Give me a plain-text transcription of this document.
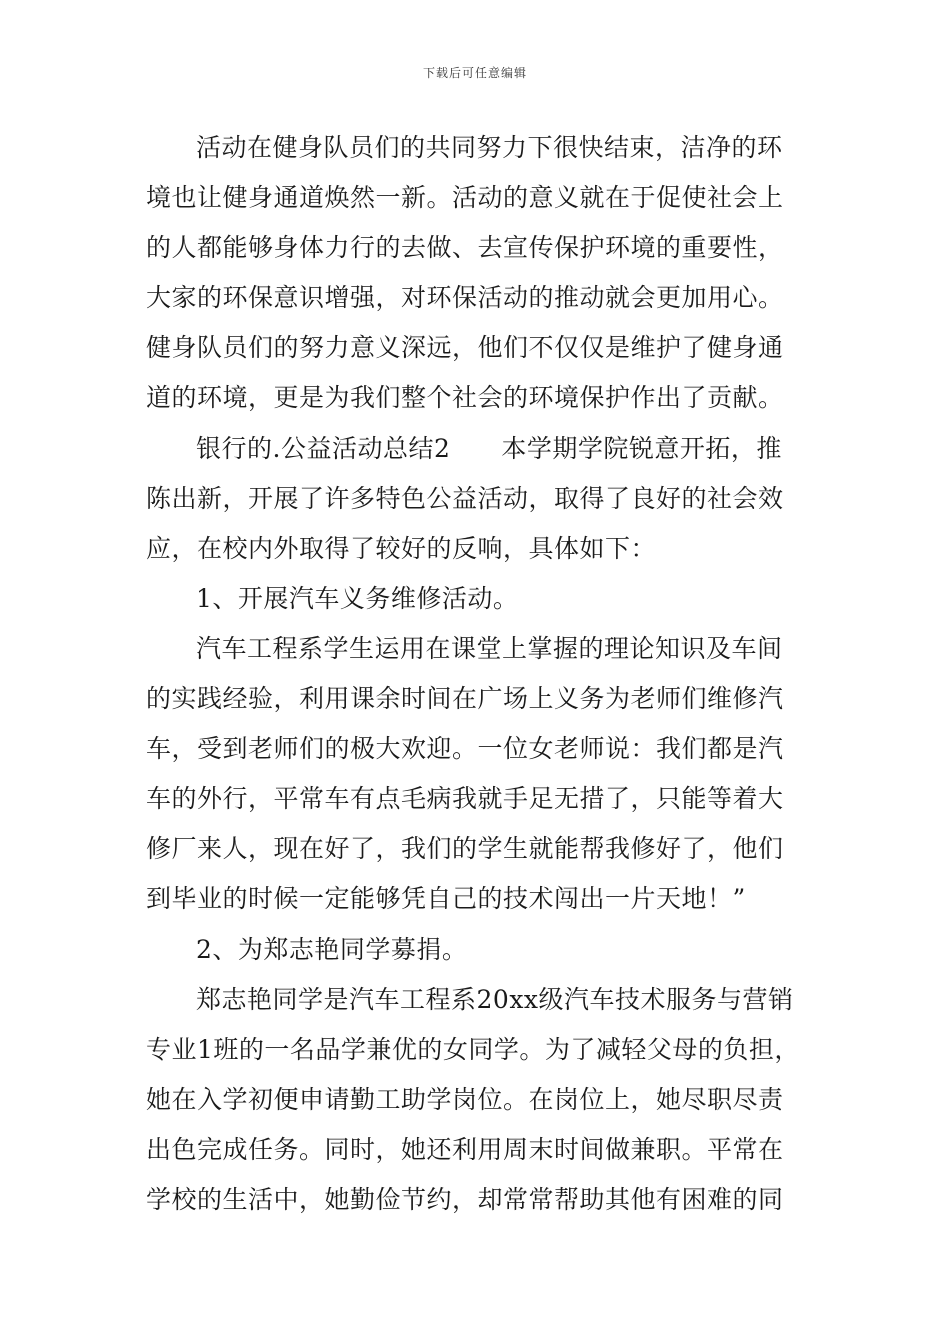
下载后可任意编辑
活动在健身队员们的共同努力下很快结束，洁净的环
境也让健身通道焕然一新。活动的意义就在于促使社会上
的人都能够身体力行的去做、去宣传保护环境的重要性，
大家的环保意识增强，对环保活动的推动就会更加用心。
健身队员们的努力意义深远，他们不仅仅是维护了健身通
道的环境，更是为我们整个社会的环境保护作出了贡献。
银行的.公益活动总结2　　本学期学院锐意开拓，推
陈出新，开展了许多特色公益活动，取得了良好的社会效
应，在校内外取得了较好的反响，具体如下：
1、开展汽车义务维修活动。
汽车工程系学生运用在课堂上掌握的理论知识及车间
的实践经验，利用课余时间在广场上义务为老师们维修汽
车，受到老师们的极大欢迎。一位女老师说：我们都是汽
车的外行，平常车有点毛病我就手足无措了，只能等着大
修厂来人，现在好了，我们的学生就能帮我修好了，他们
到毕业的时候一定能够凭自己的技术闯出一片天地！”
2、为郑志艳同学募捐。
郑志艳同学是汽车工程系20xx级汽车技术服务与营销
专业1班的一名品学兼优的女同学。为了减轻父母的负担，
她在入学初便申请勤工助学岗位。在岗位上，她尽职尽责
出色完成任务。同时，她还利用周末时间做兼职。平常在
学校的生活中，她勤俭节约，却常常帮助其他有困难的同
